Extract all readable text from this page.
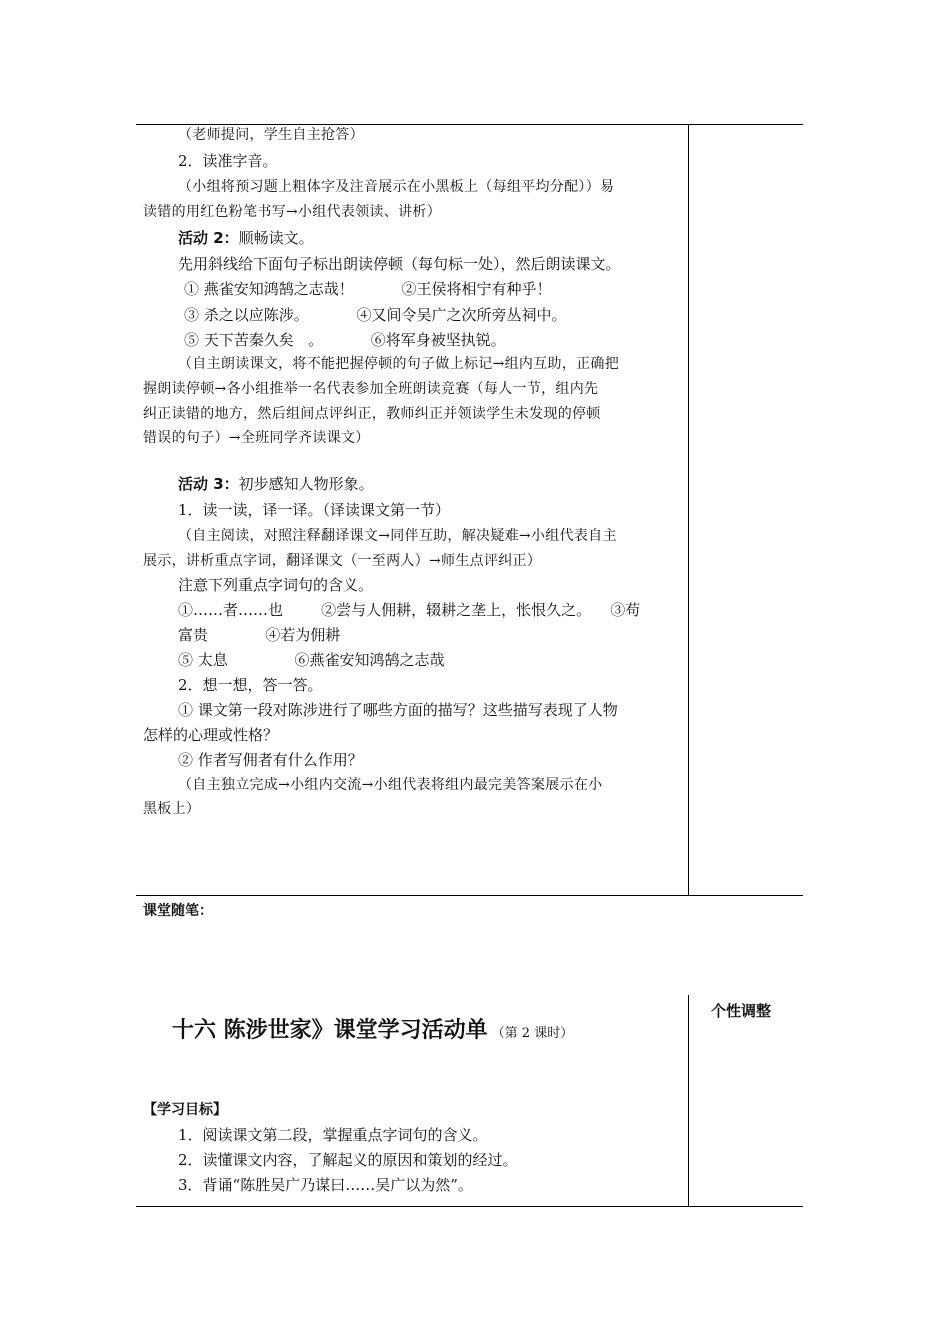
（老师提问，学生自主抢答）
2．读准字音。
（小组将预习题上粗体字及注音展示在小黑板上（每组平均分配））易
读错的用红色粉笔书写→小组代表领读、讲析）
活动 2：顺畅读文。
先用斜线给下面句子标出朗读停顿（每句标一处），然后朗读课文。
① 燕雀安知鸿鹄之志哉！          ②王侯将相宁有种乎！
③ 杀之以应陈涉。          ④又间令吴广之次所旁丛祠中。
⑤ 天下苦秦久矣   。          ⑥将军身被坚执锐。
（自主朗读课文，将不能把握停顿的句子做上标记→组内互助，正确把
握朗读停顿→各小组推举一名代表参加全班朗读竞赛（每人一节，组内先
纠正读错的地方，然后组间点评纠正，教师纠正并领读学生未发现的停顿
错误的句子）→全班同学齐读课文）
活动 3：初步感知人物形象。
1．读一读，译一译。（译读课文第一节）
（自主阅读，对照注释翻译课文→同伴互助，解决疑难→小组代表自主
展示，讲析重点字词，翻译课文（一至两人）→师生点评纠正）
注意下列重点字词句的含义。
①……者……也        ②尝与人佣耕，辍耕之垄上，怅恨久之。    ③苟
富贵            ④若为佣耕
⑤ 太息              ⑥燕雀安知鸿鹄之志哉
2．想一想，答一答。
① 课文第一段对陈涉进行了哪些方面的描写？这些描写表现了人物
怎样的心理或性格？
② 作者写佣者有什么作用？
（自主独立完成→小组内交流→小组代表将组内最完美答案展示在小
黑板上）
课堂随笔：
十六 陈涉世家》课堂学习活动单 （第 2 课时）
个性调整
【学习目标】
1．阅读课文第二段，掌握重点字词句的含义。
2．读懂课文内容，了解起义的原因和策划的经过。
3．背诵“陈胜吴广乃谋曰……吴广以为然”。
